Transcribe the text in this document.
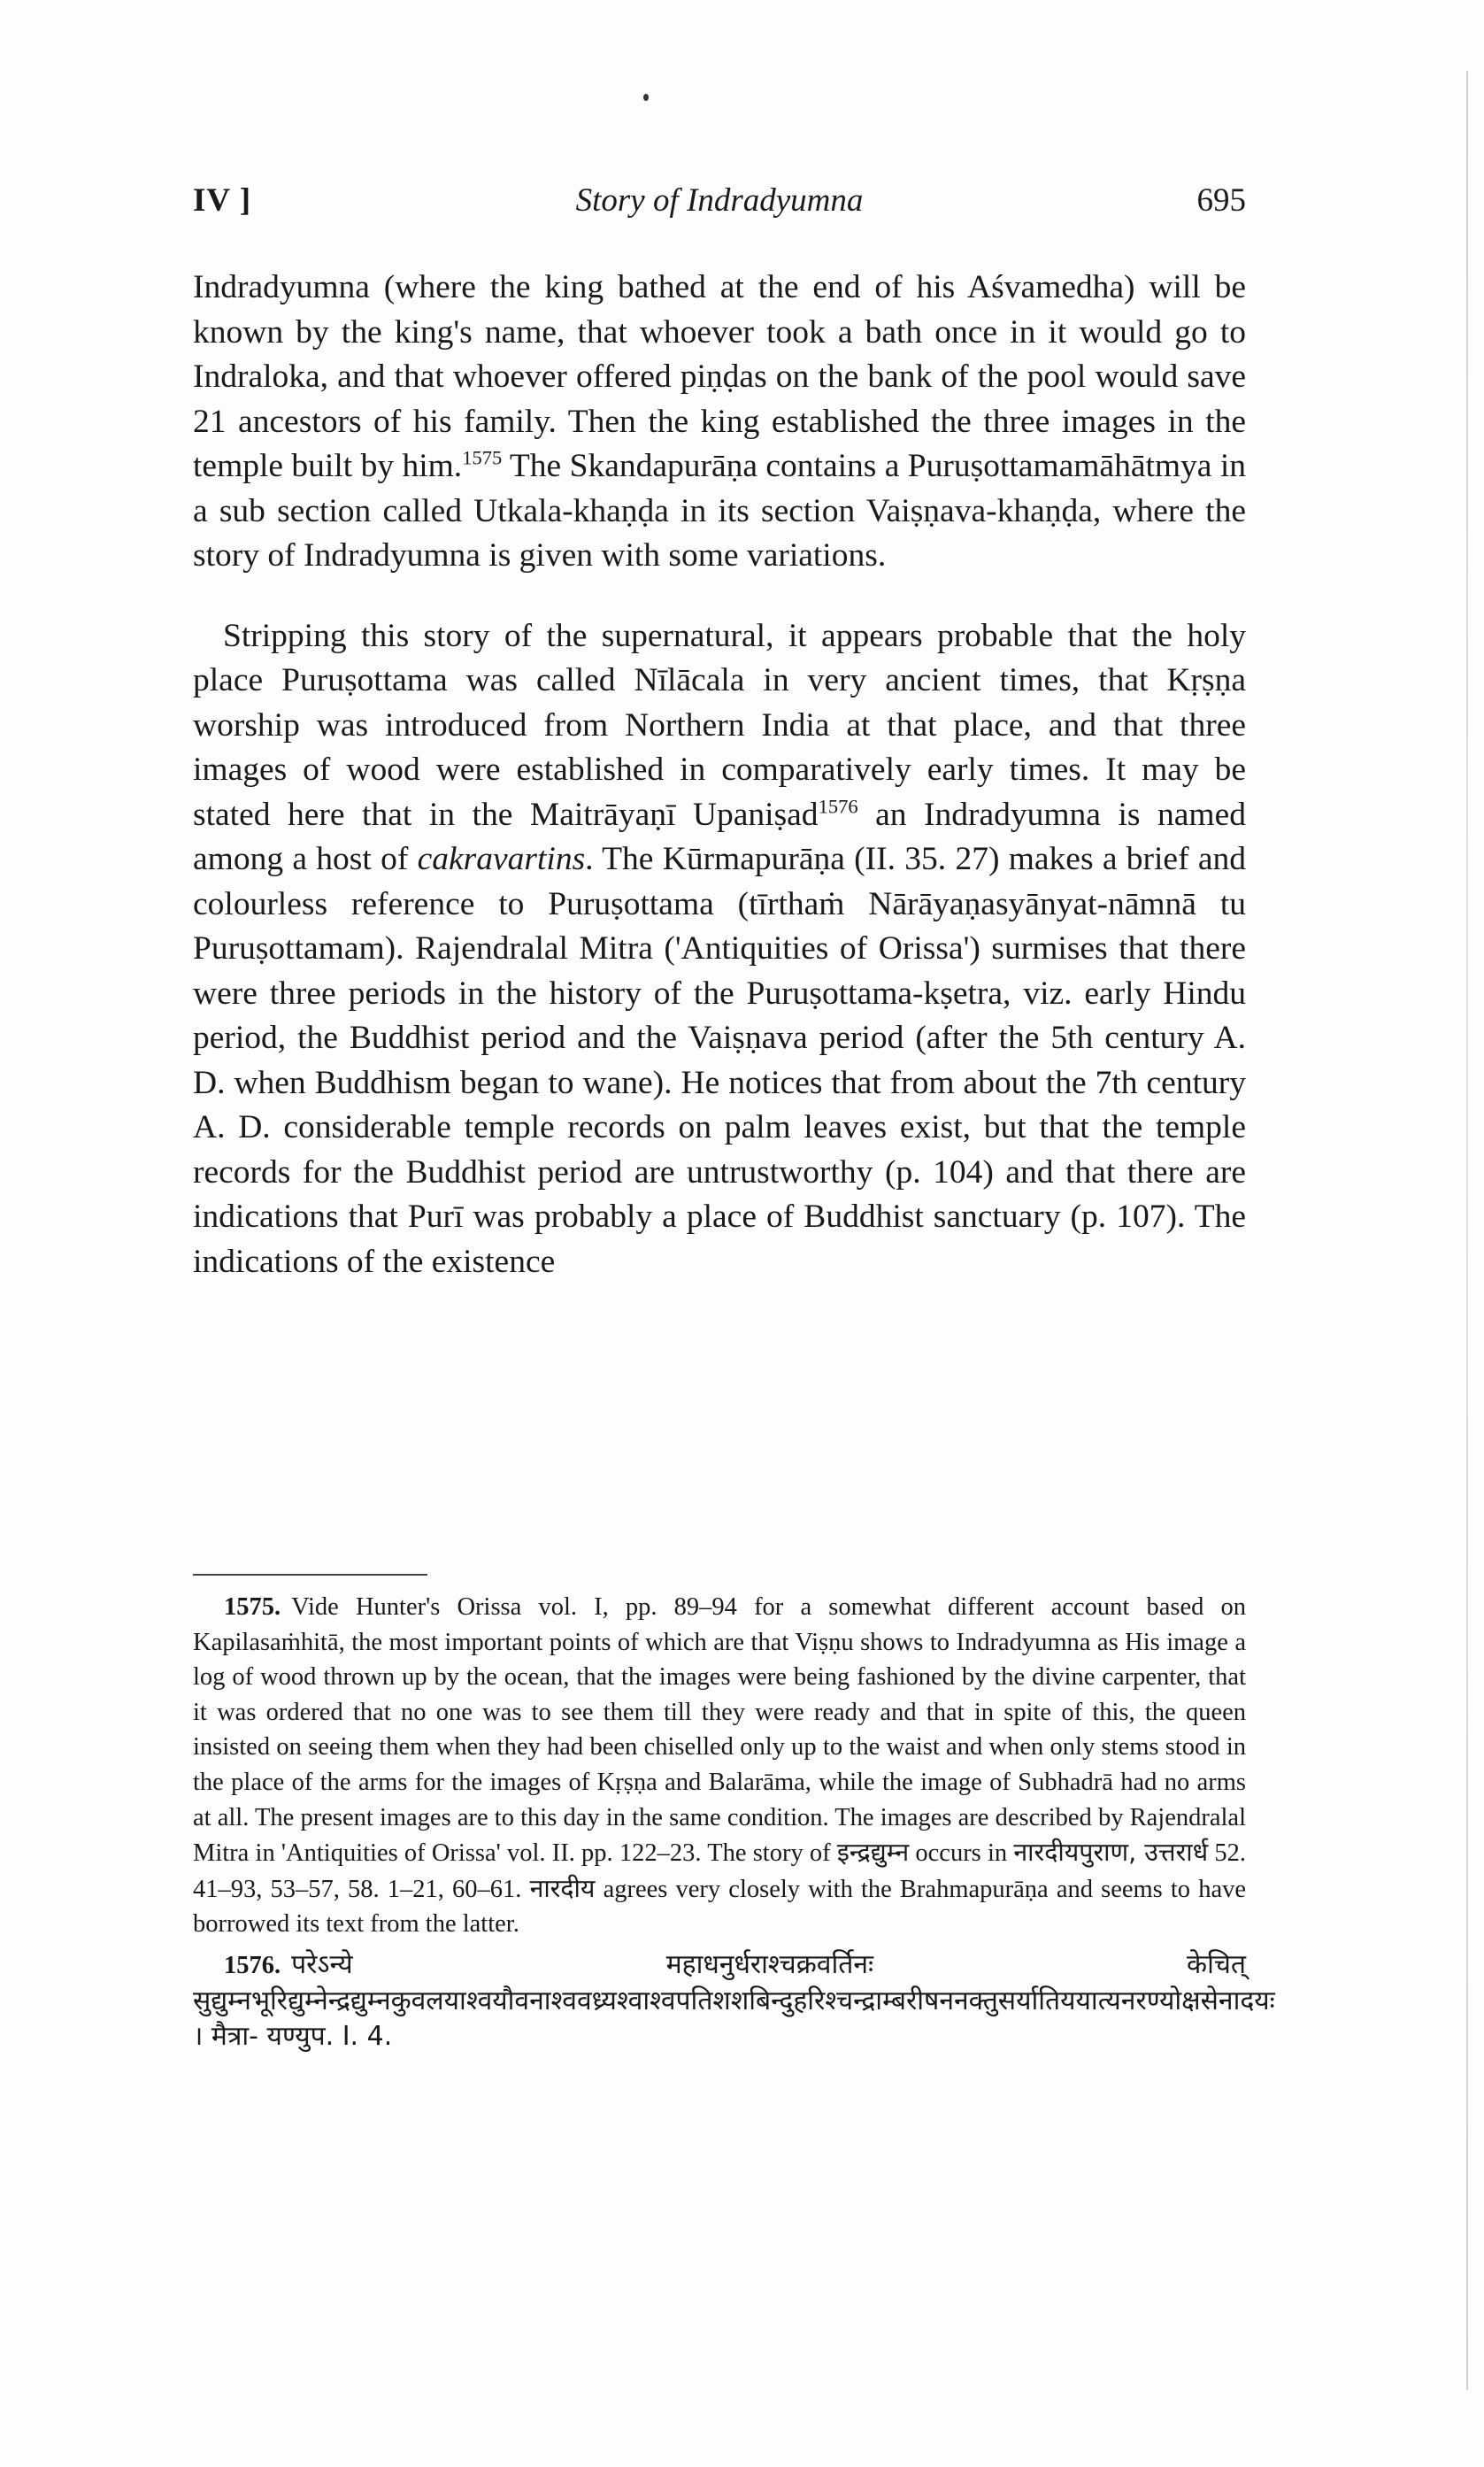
IV ]	Story of Indradyumna	695

Indradyumna (where the king bathed at the end of his Aśvamedha) will be known by the king's name, that whoever took a bath once in it would go to Indraloka, and that whoever offered piṇḍas on the bank of the pool would save 21 ancestors of his family. Then the king established the three images in the temple built by him.$^{1575}$ The Skandapurāṇa contains a Puruṣottamamāhātmya in a sub section called Utkala-khaṇḍa in its section Vaiṣṇava-khaṇḍa, where the story of Indradyumna is given with some variations.

Stripping this story of the supernatural, it appears probable that the holy place Puruṣottama was called Nīlācala in very ancient times, that Kṛṣṇa worship was introduced from Northern India at that place, and that three images of wood were established in comparatively early times. It may be stated here that in the Maitrāyaṇī Upaniṣad$^{1576}$ an Indradyumna is named among a host of cakravartins. The Kūrmapurāṇa (II. 35. 27) makes a brief and colourless reference to Puruṣottama (tīrthaṁ Nārāyaṇasyānyat-nāmnā tu Puruṣottamam). Rajendralal Mitra ('Antiquities of Orissa') surmises that there were three periods in the history of the Puruṣottama-kṣetra, viz. early Hindu period, the Buddhist period and the Vaiṣṇava period (after the 5th century A. D. when Buddhism began to wane). He notices that from about the 7th century A. D. considerable temple records on palm leaves exist, but that the temple records for the Buddhist period are untrustworthy (p. 104) and that there are indications that Purī was probably a place of Buddhist sanctuary (p. 107). The indications of the existence

1575. Vide Hunter's Orissa vol. I, pp. 89–94 for a somewhat different account based on Kapilasaṁhitā, the most important points of which are that Viṣṇu shows to Indradyumna as His image a log of wood thrown up by the ocean, that the images were being fashioned by the divine carpenter, that it was ordered that no one was to see them till they were ready and that in spite of this, the queen insisted on seeing them when they had been chiselled only up to the waist and when only stems stood in the place of the arms for the images of Kṛṣṇa and Balarāma, while the image of Subhadrā had no arms at all. The present images are to this day in the same condition. The images are described by Rajendralal Mitra in 'Antiquities of Orissa' vol. II. pp. 122–23. The story of इन्द्रद्युम्न occurs in नारदीयपुराण, उत्तरार्ध 52. 41–93, 53–57, 58. 1–21, 60–61. नारदीय agrees very closely with the Brahmapurāṇa and seems to have borrowed its text from the latter.

1576. परेऽन्ये महाधनुर्धराश्चक्रवर्तिनः केचित् सुद्युम्नभूरिद्युम्नेन्द्रद्युम्नकुवलयाश्वयौवनाश्ववध्र्यश्वाश्वपतिशशबिन्दुहरिश्चन्द्राम्बरीषननक्तुसर्यातिययात्यनरण्योक्षसेनादयः । मैत्रा- यण्युप. I. 4.
